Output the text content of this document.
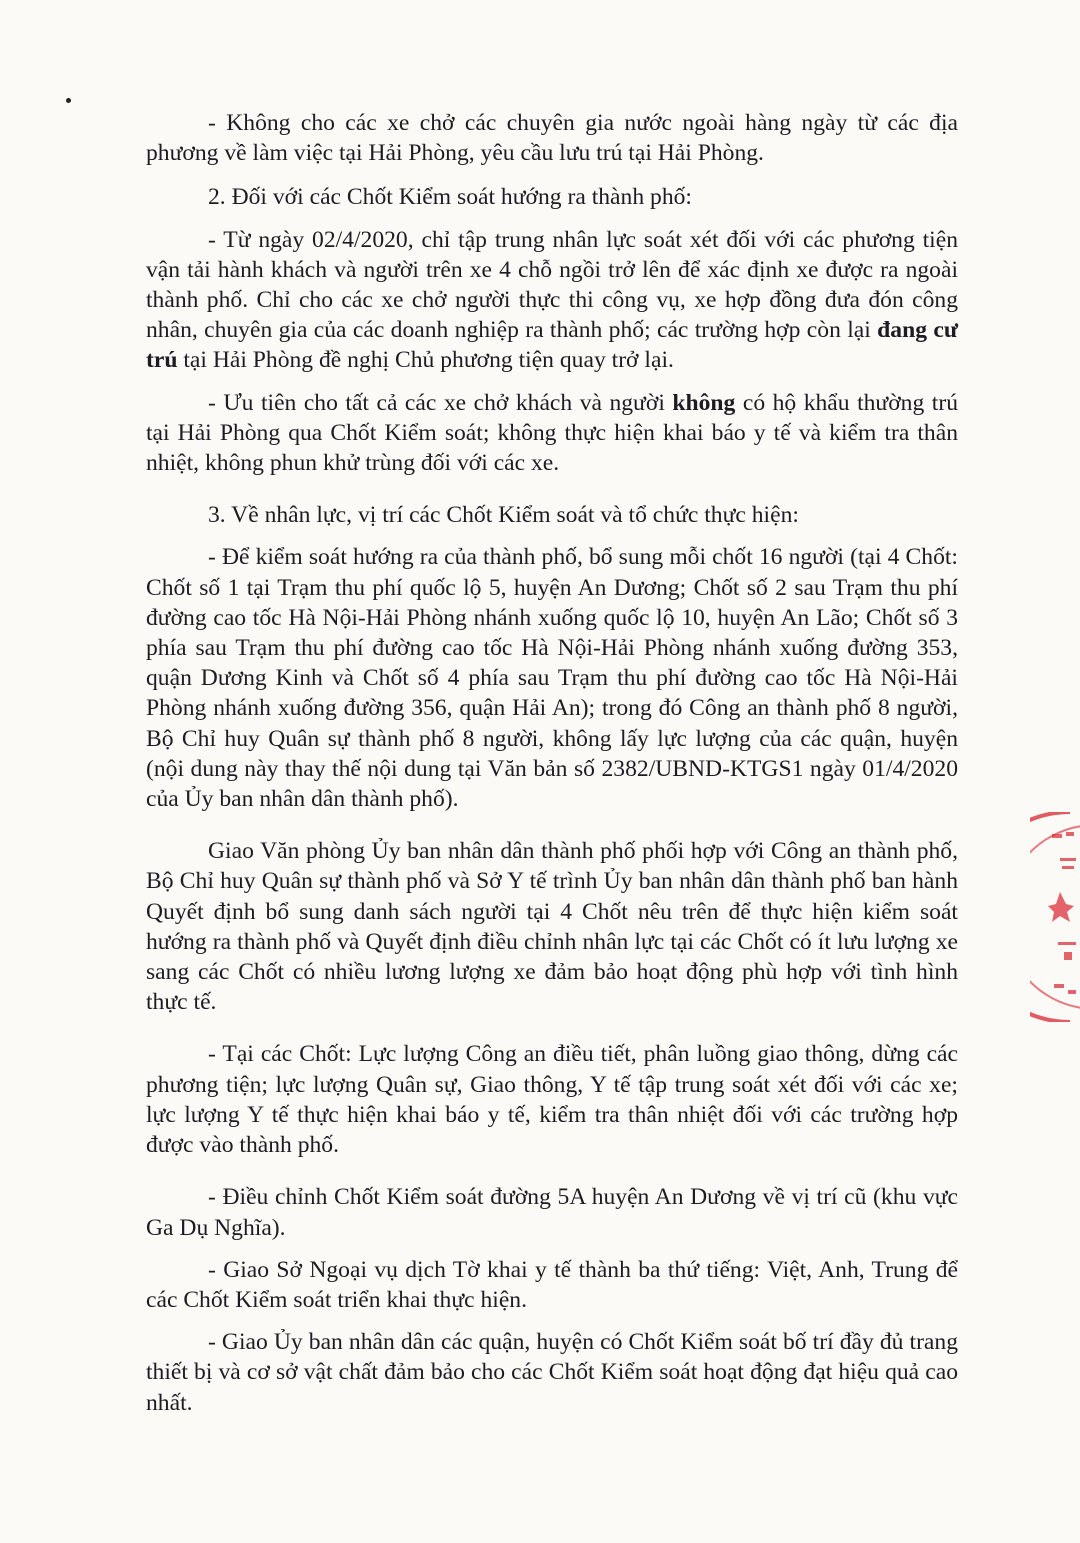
- Không cho các xe chở các chuyên gia nước ngoài hàng ngày từ các địa phương về làm việc tại Hải Phòng, yêu cầu lưu trú tại Hải Phòng.

2. Đối với các Chốt Kiểm soát hướng ra thành phố:

- Từ ngày 02/4/2020, chỉ tập trung nhân lực soát xét đối với các phương tiện vận tải hành khách và người trên xe 4 chỗ ngồi trở lên để xác định xe được ra ngoài thành phố. Chỉ cho các xe chở người thực thi công vụ, xe hợp đồng đưa đón công nhân, chuyên gia của các doanh nghiệp ra thành phố; các trường hợp còn lại đang cư trú tại Hải Phòng đề nghị Chủ phương tiện quay trở lại.

- Ưu tiên cho tất cả các xe chở khách và người không có hộ khẩu thường trú tại Hải Phòng qua Chốt Kiểm soát; không thực hiện khai báo y tế và kiểm tra thân nhiệt, không phun khử trùng đối với các xe.

3. Về nhân lực, vị trí các Chốt Kiểm soát và tổ chức thực hiện:

- Để kiểm soát hướng ra của thành phố, bổ sung mỗi chốt 16 người (tại 4 Chốt: Chốt số 1 tại Trạm thu phí quốc lộ 5, huyện An Dương; Chốt số 2 sau Trạm thu phí đường cao tốc Hà Nội-Hải Phòng nhánh xuống quốc lộ 10, huyện An Lão; Chốt số 3 phía sau Trạm thu phí đường cao tốc Hà Nội-Hải Phòng nhánh xuống đường 353, quận Dương Kinh và Chốt số 4 phía sau Trạm thu phí đường cao tốc Hà Nội-Hải Phòng nhánh xuống đường 356, quận Hải An); trong đó Công an thành phố 8 người, Bộ Chỉ huy Quân sự thành phố 8 người, không lấy lực lượng của các quận, huyện (nội dung này thay thế nội dung tại Văn bản số 2382/UBND-KTGS1 ngày 01/4/2020 của Ủy ban nhân dân thành phố).

Giao Văn phòng Ủy ban nhân dân thành phố phối hợp với Công an thành phố, Bộ Chỉ huy Quân sự thành phố và Sở Y tế trình Ủy ban nhân dân thành phố ban hành Quyết định bổ sung danh sách người tại 4 Chốt nêu trên để thực hiện kiểm soát hướng ra thành phố và Quyết định điều chỉnh nhân lực tại các Chốt có ít lưu lượng xe sang các Chốt có nhiều lương lượng xe đảm bảo hoạt động phù hợp với tình hình thực tế.

- Tại các Chốt: Lực lượng Công an điều tiết, phân luồng giao thông, dừng các phương tiện; lực lượng Quân sự, Giao thông, Y tế tập trung soát xét đối với các xe; lực lượng Y tế thực hiện khai báo y tế, kiểm tra thân nhiệt đối với các trường hợp được vào thành phố.

- Điều chỉnh Chốt Kiểm soát đường 5A huyện An Dương về vị trí cũ (khu vực Ga Dụ Nghĩa).

- Giao Sở Ngoại vụ dịch Tờ khai y tế thành ba thứ tiếng: Việt, Anh, Trung để các Chốt Kiểm soát triển khai thực hiện.

- Giao Ủy ban nhân dân các quận, huyện có Chốt Kiểm soát bố trí đầy đủ trang thiết bị và cơ sở vật chất đảm bảo cho các Chốt Kiểm soát hoạt động đạt hiệu quả cao nhất.
